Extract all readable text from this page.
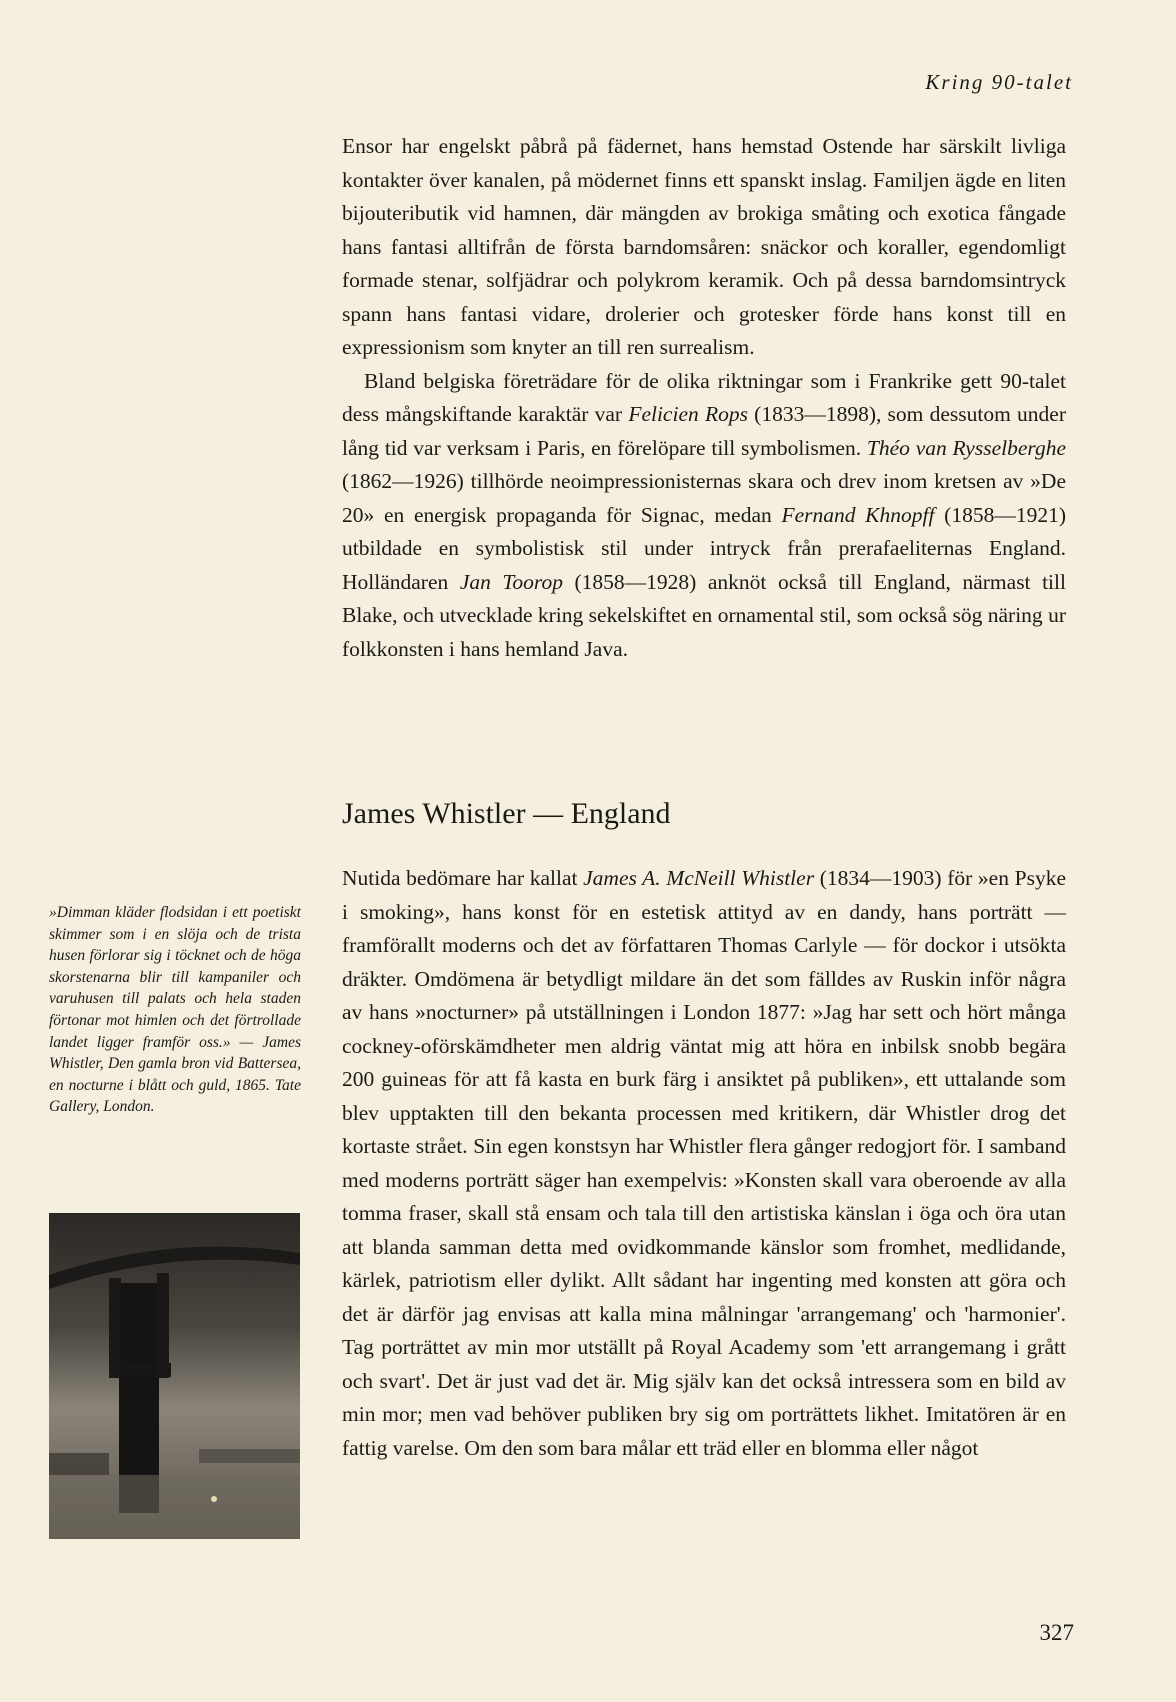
Kring 90-talet

Ensor har engelskt påbrå på fädernet, hans hemstad Ostende har särskilt livliga kontakter över kanalen, på mödernet finns ett spanskt inslag. Familjen ägde en liten bijouteributik vid hamnen, där mängden av brokiga småting och exotica fångade hans fantasi alltifrån de första barndomsåren: snäckor och koraller, egendomligt formade stenar, solfjädrar och polykrom keramik. Och på dessa barndomsintryck spann hans fantasi vidare, drolerier och grotesker förde hans konst till en expressionism som knyter an till ren surrealism.

Bland belgiska företrädare för de olika riktningar som i Frankrike gett 90-talet dess mångskiftande karaktär var Felicien Rops (1833—1898), som dessutom under lång tid var verksam i Paris, en förelöpare till symbolismen. Théo van Rysselberghe (1862—1926) tillhörde neoimpressionisternas skara och drev inom kretsen av »De 20» en energisk propaganda för Signac, medan Fernand Khnopff (1858—1921) utbildade en symbolistisk stil under intryck från prerafaeliternas England. Holländaren Jan Toorop (1858—1928) anknöt också till England, närmast till Blake, och utvecklade kring sekelskiftet en ornamental stil, som också sög näring ur folkkonsten i hans hemland Java.

James Whistler — England

Nutida bedömare har kallat James A. McNeill Whistler (1834—1903) för »en Psyke i smoking», hans konst för en estetisk attityd av en dandy, hans porträtt — framförallt moderns och det av författaren Thomas Carlyle — för dockor i utsökta dräkter. Omdömena är betydligt mildare än det som fälldes av Ruskin inför några av hans »nocturner» på utställningen i London 1877: »Jag har sett och hört många cockney-oförskämdheter men aldrig väntat mig att höra en inbilsk snobb begära 200 guineas för att få kasta en burk färg i ansiktet på publiken», ett uttalande som blev upptakten till den bekanta processen med kritikern, där Whistler drog det kortaste strået. Sin egen konstsyn har Whistler flera gånger redogjort för. I samband med moderns porträtt säger han exempelvis: »Konsten skall vara oberoende av alla tomma fraser, skall stå ensam och tala till den artistiska känslan i öga och öra utan att blanda samman detta med ovidkommande känslor som fromhet, medlidande, kärlek, patriotism eller dylikt. Allt sådant har ingenting med konsten att göra och det är därför jag envisas att kalla mina målningar 'arrangemang' och 'harmonier'. Tag porträttet av min mor utställt på Royal Academy som 'ett arrangemang i grått och svart'. Det är just vad det är. Mig själv kan det också intressera som en bild av min mor; men vad behöver publiken bry sig om porträttets likhet. Imitatören är en fattig varelse. Om den som bara målar ett träd eller en blomma eller något

»Dimman kläder flodsidan i ett poetiskt skimmer som i en slöja och de trista husen förlorar sig i töcknet och de höga skorstenarna blir till kampaniler och varuhusen till palats och hela staden förtonar mot himlen och det förtrollade landet ligger framför oss.» — James Whistler, Den gamla bron vid Battersea, en nocturne i blått och guld, 1865. Tate Gallery, London.
327
